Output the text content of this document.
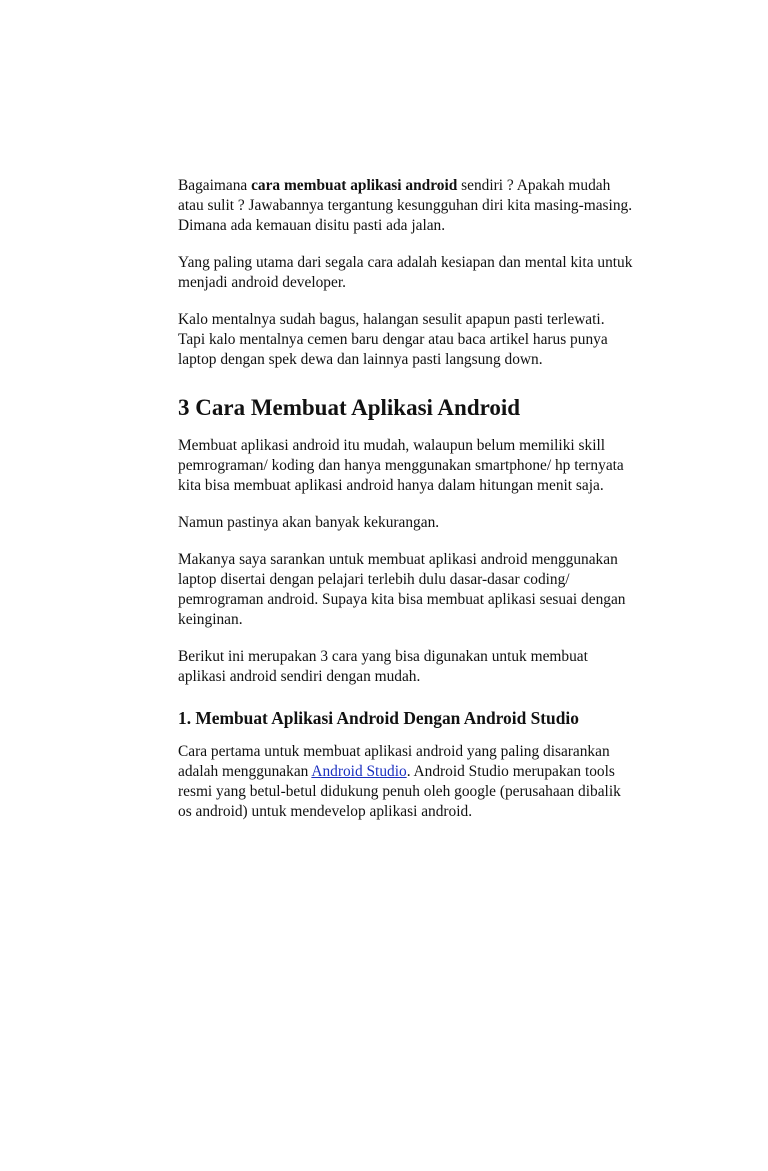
Bagaimana cara membuat aplikasi android sendiri ? Apakah mudah
atau sulit ? Jawabannya tergantung kesungguhan diri kita masing-masing.
Dimana ada kemauan disitu pasti ada jalan.

Yang paling utama dari segala cara adalah kesiapan dan mental kita untuk
menjadi android developer.

Kalo mentalnya sudah bagus, halangan sesulit apapun pasti terlewati.
Tapi kalo mentalnya cemen baru dengar atau baca artikel harus punya
laptop dengan spek dewa dan lainnya pasti langsung down.

3 Cara Membuat Aplikasi Android

Membuat aplikasi android itu mudah, walaupun belum memiliki skill
pemrograman/ koding dan hanya menggunakan smartphone/ hp ternyata
kita bisa membuat aplikasi android hanya dalam hitungan menit saja.

Namun pastinya akan banyak kekurangan.

Makanya saya sarankan untuk membuat aplikasi android menggunakan
laptop disertai dengan pelajari terlebih dulu dasar-dasar coding/
pemrograman android. Supaya kita bisa membuat aplikasi sesuai dengan
keinginan.

Berikut ini merupakan 3 cara yang bisa digunakan untuk membuat
aplikasi android sendiri dengan mudah.

1. Membuat Aplikasi Android Dengan Android Studio

Cara pertama untuk membuat aplikasi android yang paling disarankan
adalah menggunakan Android Studio. Android Studio merupakan tools
resmi yang betul-betul didukung penuh oleh google (perusahaan dibalik
os android) untuk mendevelop aplikasi android.
